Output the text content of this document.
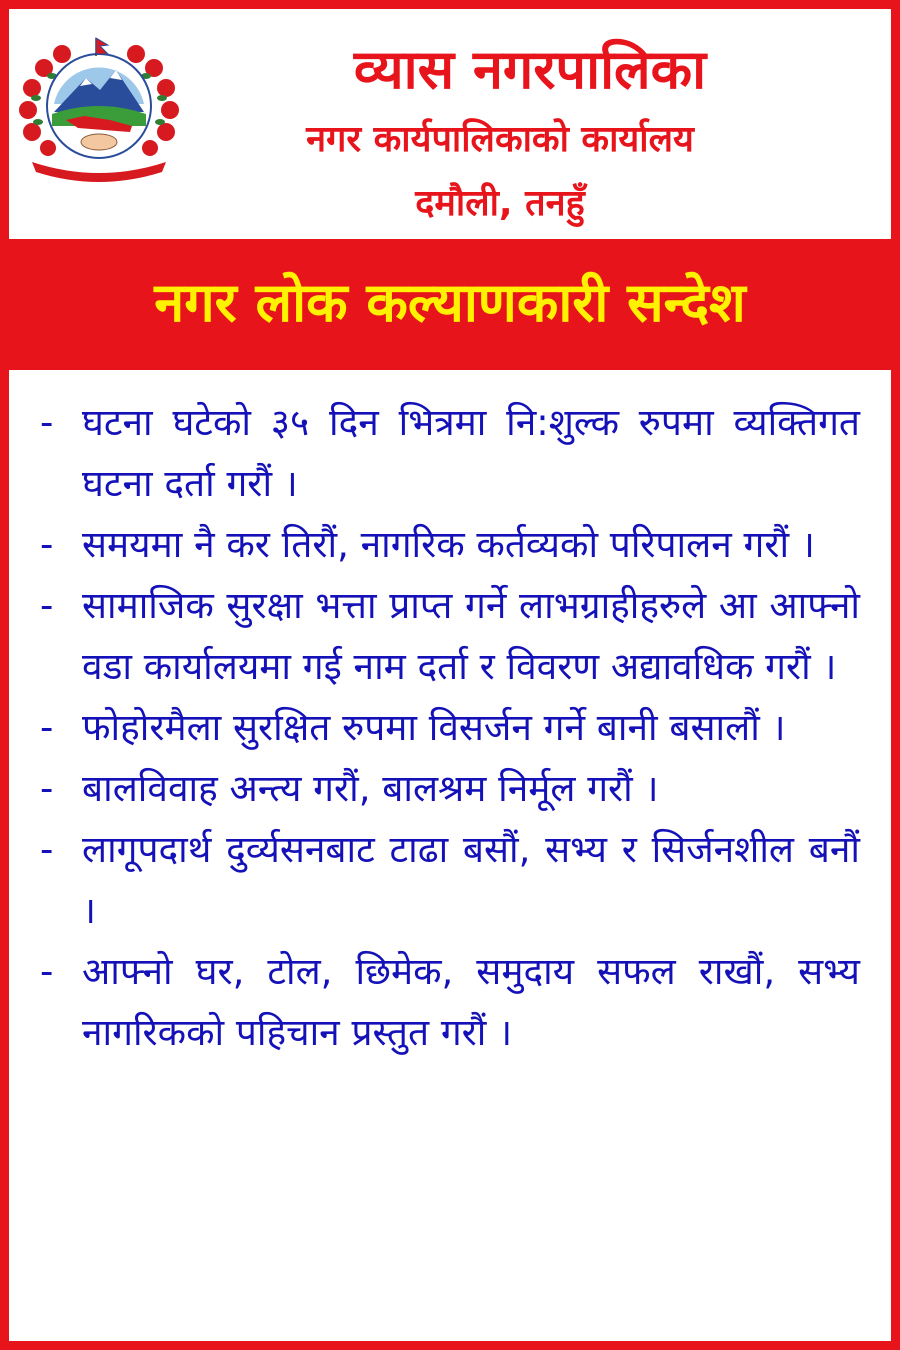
व्यास नगरपालिका
नगर कार्यपालिकाको कार्यालय
दमौली, तनहुँ
नगर लोक कल्याणकारी सन्देश
- घटना घटेको ३५ दिन भित्रमा नि:शुल्क रुपमा व्यक्तिगत घटना दर्ता गरौं ।
- समयमा नै कर तिरौं, नागरिक कर्तव्यको परिपालन गरौं ।
- सामाजिक सुरक्षा भत्ता प्राप्त गर्ने लाभग्राहीहरुले आ आफ्नो वडा कार्यालयमा गई नाम दर्ता र विवरण अद्यावधिक गरौं ।
- फोहोरमैला सुरक्षित रुपमा विसर्जन गर्ने बानी बसालौं ।
- बालविवाह अन्त्य गरौं, बालश्रम निर्मूल गरौं ।
- लागूपदार्थ दुर्व्यसनबाट टाढा बसौं, सभ्य र सिर्जनशील बनौं ।
- आफ्नो घर, टोल, छिमेक, समुदाय सफल राखौं, सभ्य नागरिकको पहिचान प्रस्तुत गरौं ।
